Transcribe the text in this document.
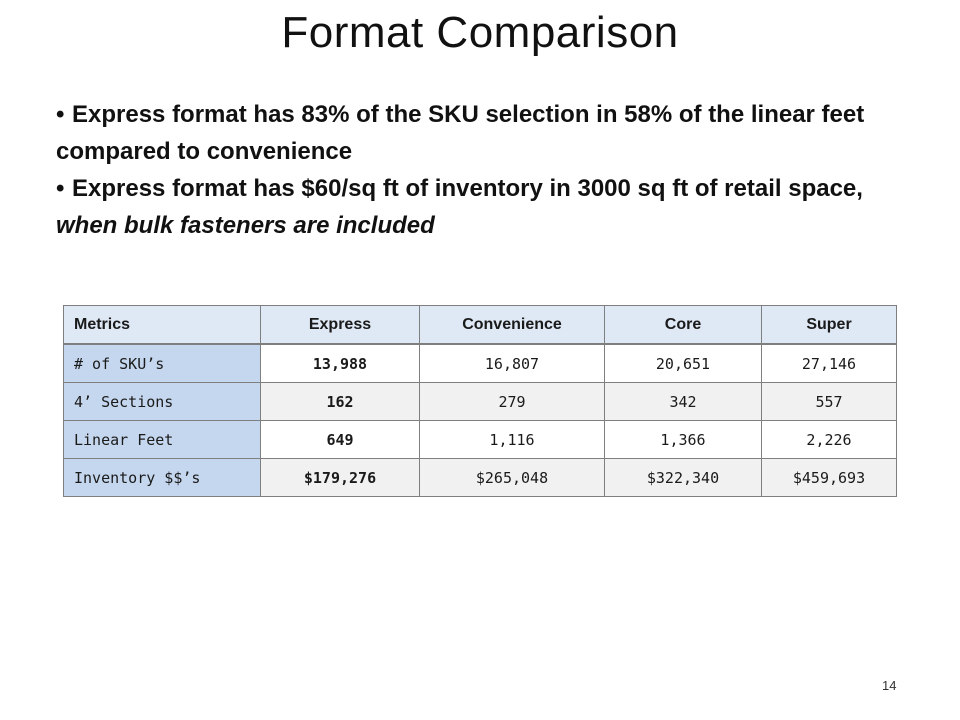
Format Comparison
• Express format has 83% of the SKU selection in 58% of the linear feet compared to convenience
• Express format has $60/sq ft of inventory in 3000 sq ft of retail space, when bulk fasteners are included
Metrics	Express	Convenience	Core	Super
# of SKU’s	13,988	16,807	20,651	27,146
4’ Sections	162	279	342	557
Linear Feet	649	1,116	1,366	2,226
Inventory $$’s	$179,276	$265,048	$322,340	$459,693
14
